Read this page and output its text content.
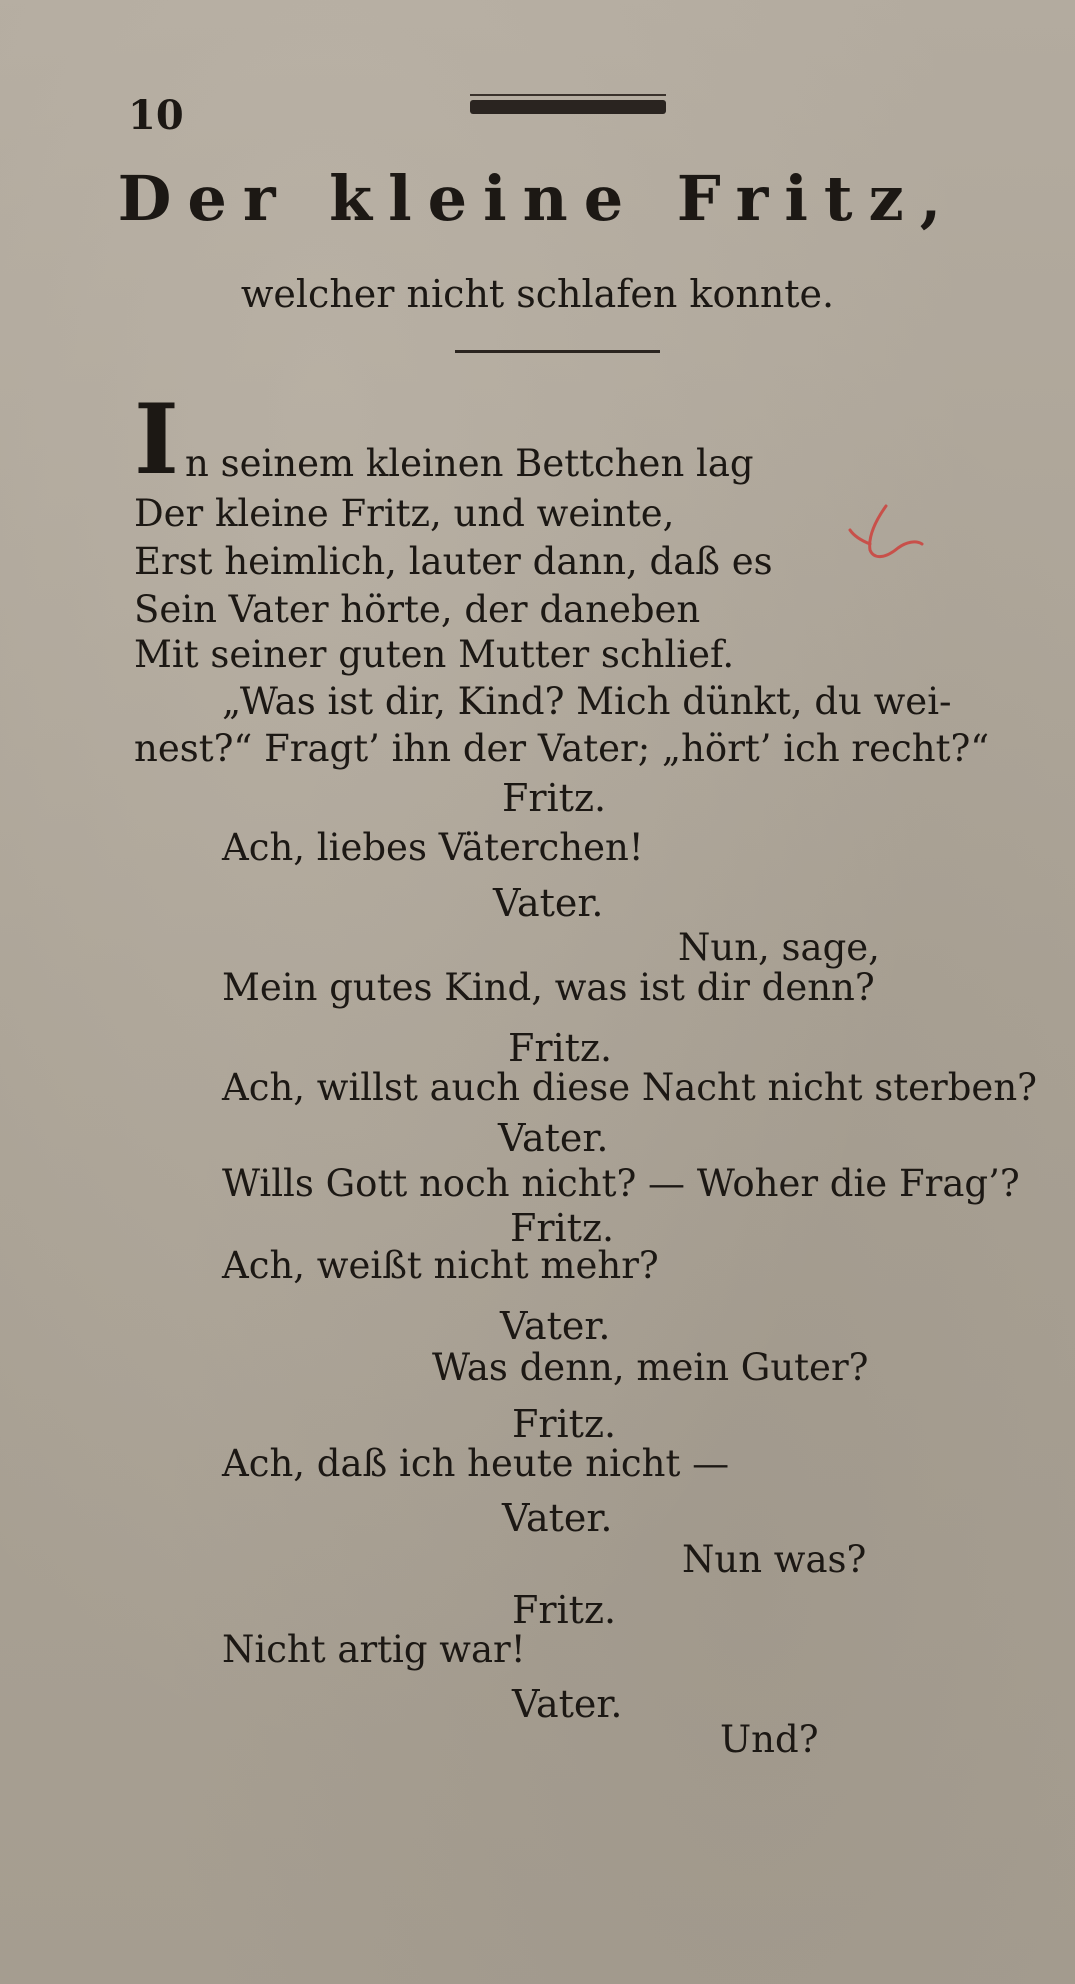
10
Der kleine Fritz,
welcher nicht schlafen konnte.
I n seinem kleinen Bettchen lag
Der kleine Fritz, und weinte,
Erst heimlich, lauter dann, daß es
Sein Vater hörte, der daneben
Mit seiner guten Mutter schlief.
„Was ist dir, Kind? Mich dünkt, du wei-
nest?“ Fragt’ ihn der Vater; „hört’ ich recht?“
Fritz.
Ach, liebes Väterchen!
Vater.
Nun, sage,
Mein gutes Kind, was ist dir denn?
Fritz.
Ach, willst auch diese Nacht nicht sterben?
Vater.
Wills Gott noch nicht? — Woher die Frag’?
Fritz.
Ach, weißt nicht mehr?
Vater.
Was denn, mein Guter?
Fritz.
Ach, daß ich heute nicht —
Vater.
Nun was?
Fritz.
Nicht artig war!
Vater.
Und?
